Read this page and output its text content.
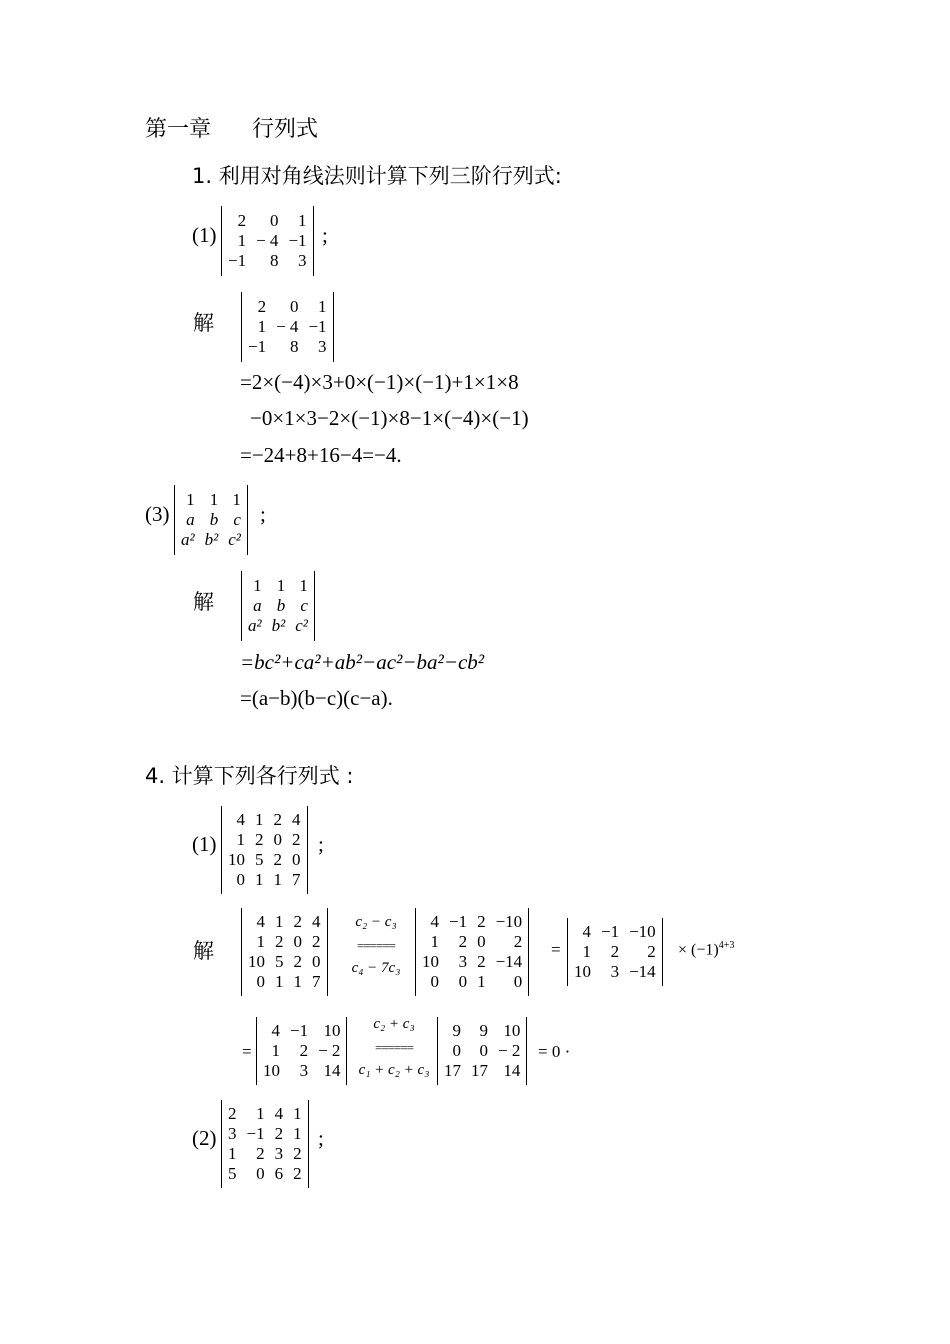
第一章 行列式
1. 利用对角线法则计算下列三阶行列式:
(1)
2	0	1
1	− 4	−1
−1	8	3
;
解
2	0	1
1	− 4	−1
−1	8	3
=2×(−4)×3+0×(−1)×(−1)+1×1×8
−0×1×3−2×(−1)×8−1×(−4)×(−1)
=−24+8+16−4=−4.
(3)
1	1	1
a	b	c
a²	b²	c²
;
解
1	1	1
a	b	c
a²	b²	c²
=bc²+ca²+ab²−ac²−ba²−cb²
=(a−b)(b−c)(c−a).
4. 计算下列各行列式 :
(1)
4	1	2	4
1	2	0	2
10	5	2	0
0	1	1	7
;
解
4	1	2	4
1	2	0	2
10	5	2	0
0	1	1	7
c₂ − c₃
======
c₄ − 7c₃
4	−1	2	−10
1	2	0	2
10	3	2	−14
0	0	1	0
=
4	−1	−10
1	2	2
10	3	−14
× $(-1)^{4+3}$
=
4	−1	10
1	2	− 2
10	3	14
c₂ + c₃
======
c₁ + c₂ + c₃
9	9	10
0	0	− 2
17	17	14
= 0 ·
(2)
2	1	4	1
3	−1	2	1
1	2	3	2
5	0	6	2
;
